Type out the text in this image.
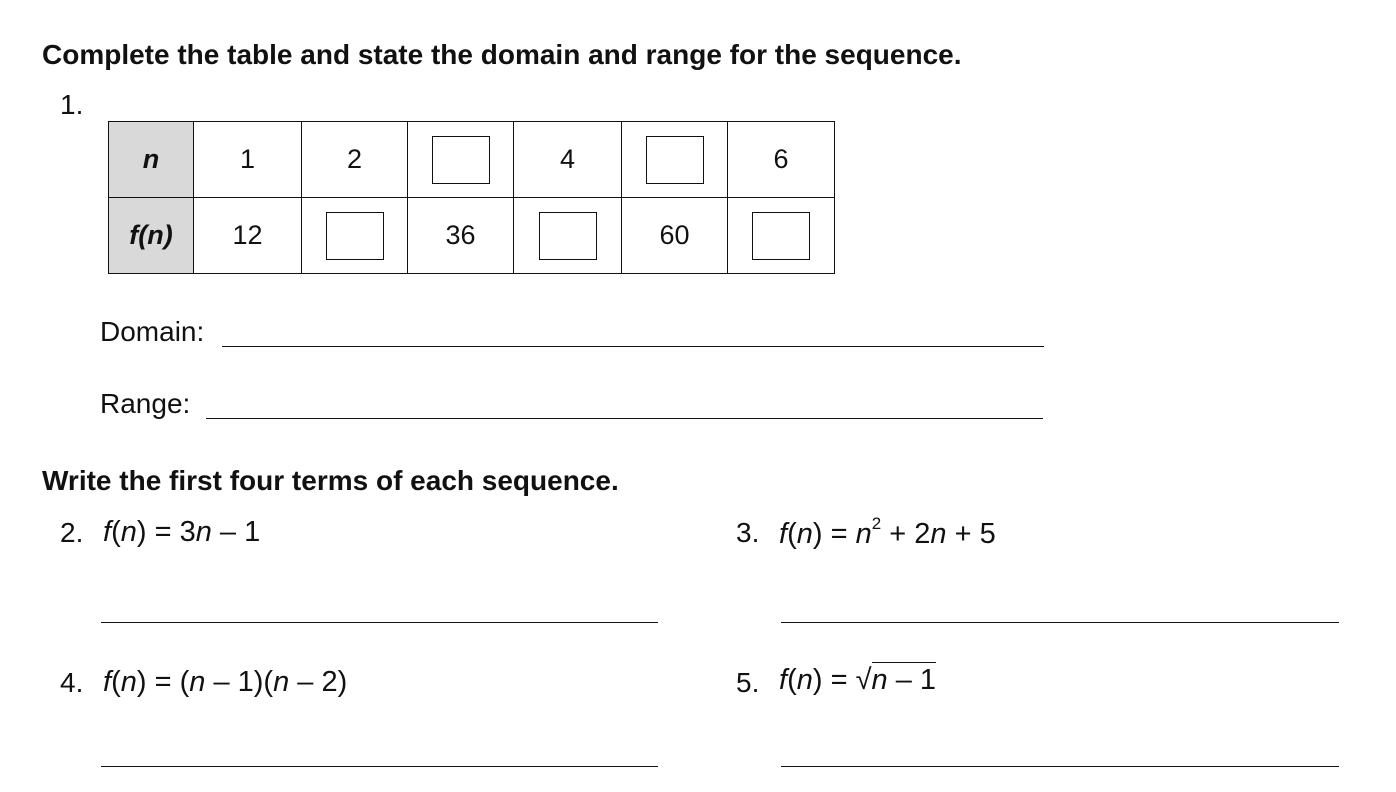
Complete the table and state the domain and range for the sequence.
1.
n	1	2		4		6
f(n)	12		36		60	
Domain:
Range:
Write the first four terms of each sequence.
2. f(n) = 3n – 1	3. $f(n) = n^2 + 2n + 5$
4. f(n) = (n – 1)(n – 2)	5. f(n) = √n – 1
